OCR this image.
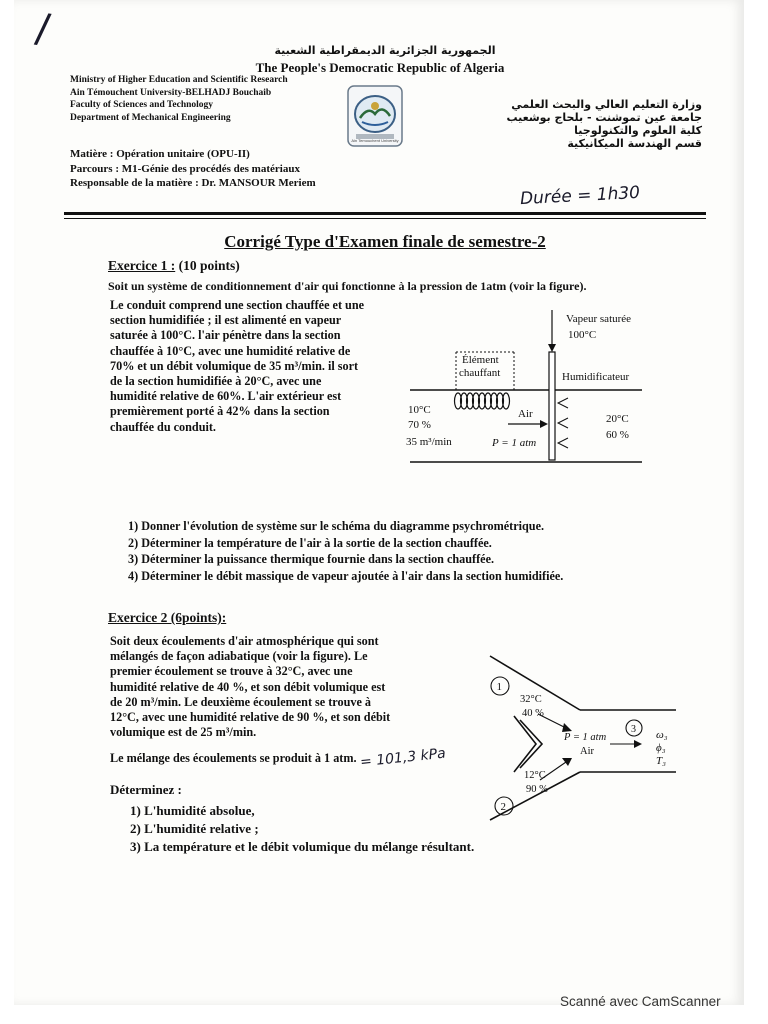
/	الجمهورية الجزائرية الديمقراطية الشعبية
The People's Democratic Republic of Algeria
Ministry of Higher Education and Scientific Research
Ain Témouchent University-BELHADJ Bouchaib
Faculty of Sciences and Technology
Department of Mechanical Engineering
Ain Temouchent University
وزارة التعليم العالي والبحث العلمي
جامعة عين تموشنت - بلحاج بوشعيب
كلية العلوم والتكنولوجيا
قسم الهندسة الميكانيكية
Matière : Opération unitaire (OPU-II)
Parcours : M1-Génie des procédés des matériaux
Responsable de la matière : Dr. MANSOUR Meriem	Durée = 1h30
Corrigé Type d'Examen finale de semestre-2
Exercice 1 : (10 points)
Soit un système de conditionnement d'air qui fonctionne à la pression de 1atm (voir la figure).
Le conduit comprend une section chauffée et une
section humidifiée ; il est alimenté en vapeur
saturée à 100°C. l'air pénètre dans la section
chauffée à 10°C, avec une humidité relative de
70% et un débit volumique de 35 m³/min. il sort
de la section humidifiée à 20°C, avec une
humidité relative de 60%. L'air extérieur est
premièrement porté à 42% dans la section
chauffée du conduit.
Vapeur saturée
100°C
Élément
chauffant	Humidificateur
Air
P = 1 atm
10°C
70 %
35 m³/min
20°C
60 %
1) Donner l'évolution de système sur le schéma du diagramme psychrométrique.
2) Déterminer la température de l'air à la sortie de la section chauffée.
3) Déterminer la puissance thermique fournie dans la section chauffée.
4) Déterminer le débit massique de vapeur ajoutée à l'air dans la section humidifiée.
Exercice 2 (6points):
Soit deux écoulements d'air atmosphérique qui sont
mélangés de façon adiabatique (voir la figure). Le
premier écoulement se trouve à 32°C, avec une
humidité relative de 40 %, et son débit volumique est
de 20 m³/min. Le deuxième écoulement se trouve à
12°C, avec une humidité relative de 90 %, et son débit
volumique est de 25 m³/min.
Le mélange des écoulements se produit à 1 atm. = 101,3 kPa
Déterminez :
1) L'humidité absolue,
2) L'humidité relative ;
3) La température et le débit volumique du mélange résultant.
1
2
3
32°C
40 %
12°C
90 %
P = 1 atm
Air
ω₃
ϕ₃
T₃
Scanné avec CamScanner
